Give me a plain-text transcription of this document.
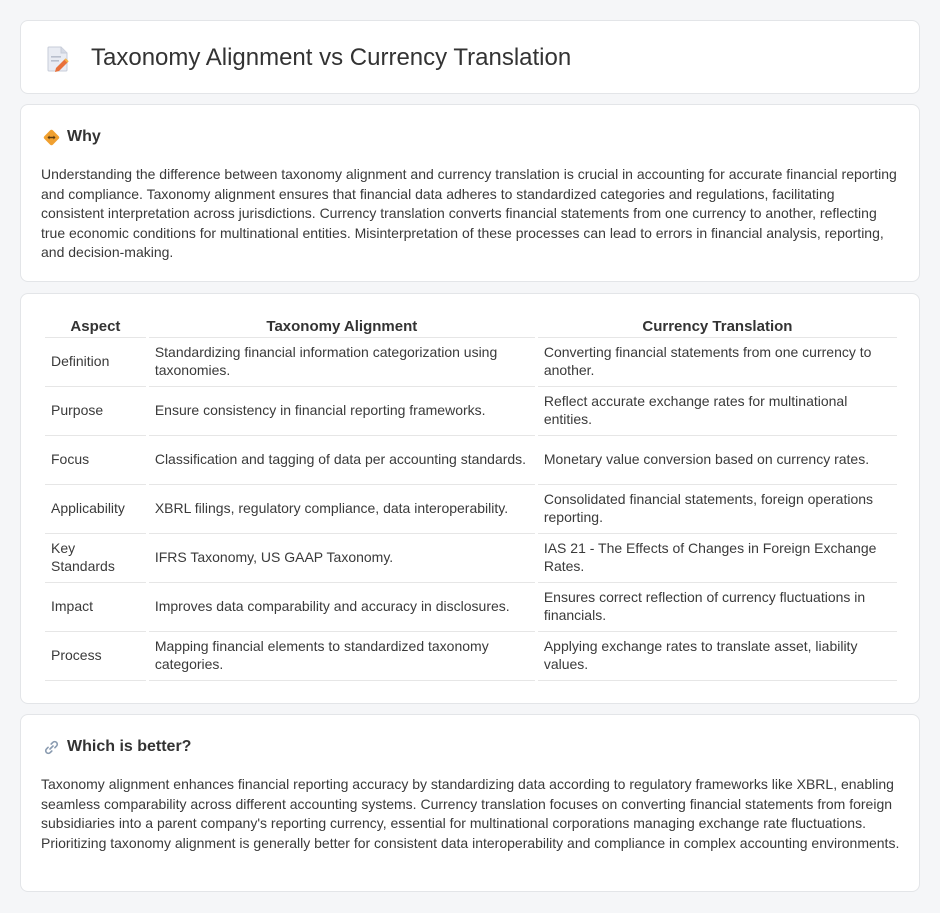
Taxonomy Alignment vs Currency Translation
Why

Understanding the difference between taxonomy alignment and currency translation is crucial in accounting for accurate financial reporting and compliance. Taxonomy alignment ensures that financial data adheres to standardized categories and regulations, facilitating consistent interpretation across jurisdictions. Currency translation converts financial statements from one currency to another, reflecting true economic conditions for multinational entities. Misinterpretation of these processes can lead to errors in financial analysis, reporting, and decision-making.

Aspect	Taxonomy Alignment	Currency Translation
Definition	Standardizing financial information categorization using taxonomies.	Converting financial statements from one currency to another.
Purpose	Ensure consistency in financial reporting frameworks.	Reflect accurate exchange rates for multinational entities.
Focus	Classification and tagging of data per accounting standards.	Monetary value conversion based on currency rates.
Applicability	XBRL filings, regulatory compliance, data interoperability.	Consolidated financial statements, foreign operations reporting.
Key Standards	IFRS Taxonomy, US GAAP Taxonomy.	IAS 21 - The Effects of Changes in Foreign Exchange Rates.
Impact	Improves data comparability and accuracy in disclosures.	Ensures correct reflection of currency fluctuations in financials.
Process	Mapping financial elements to standardized taxonomy categories.	Applying exchange rates to translate asset, liability values.
Which is better?

Taxonomy alignment enhances financial reporting accuracy by standardizing data according to regulatory frameworks like XBRL, enabling seamless comparability across different accounting systems. Currency translation focuses on converting financial statements from foreign subsidiaries into a parent company's reporting currency, essential for multinational corporations managing exchange rate fluctuations. Prioritizing taxonomy alignment is generally better for consistent data interoperability and compliance in complex accounting environments.
